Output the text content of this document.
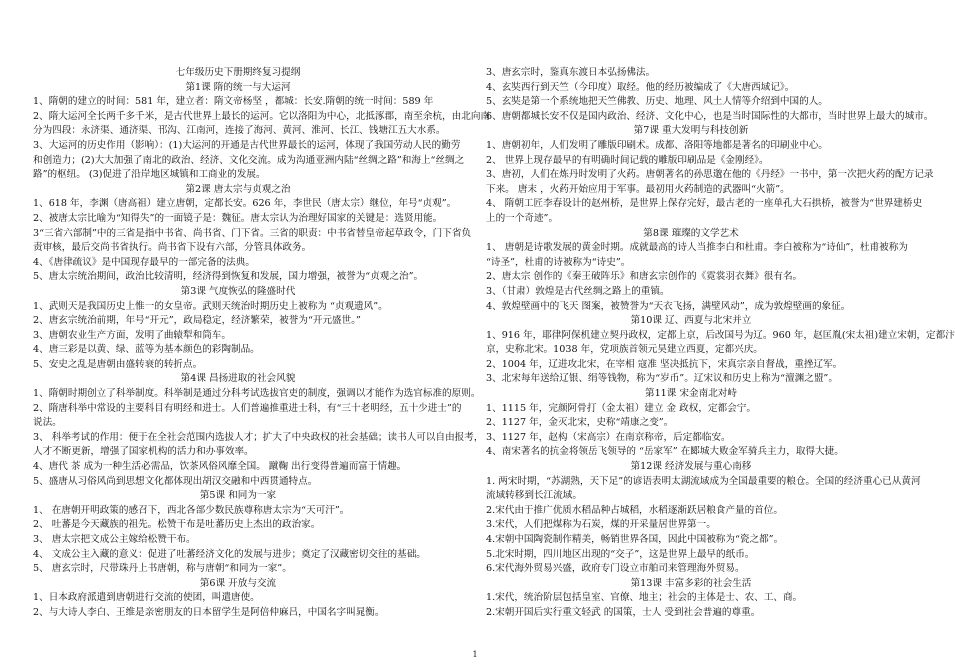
七年级历史下册期终复习提纲
第1课 隋的统一与大运河
1、隋朝的建立的时间：581 年，建立者：隋文帝杨坚 ，都城：长安.隋朝的统一时间：589 年
2、隋大运河全长两千多千米，是古代世界上最长的运河。它以洛阳为中心，北抵涿郡，南至余杭，由北向南
分为四段：永济渠、通济渠、邗沟、江南河，连接了海河、黄河、淮河、长江、钱塘江五大水系。
3、大运河的历史作用（影响）：(1)大运河的开通是古代世界最长的运河，体现了我国劳动人民的勤劳
和创造力；(2)大大加强了南北的政治、经济、文化交流。成为沟通亚洲内陆“丝绸之路”和海上“丝绸之
路”的枢纽。 (3)促进了沿岸地区城镇和工商业的发展。
第2课 唐太宗与贞观之治
1、618 年，李渊（唐高祖）建立唐朝，定都长安。626 年，李世民（唐太宗）继位，年号“贞观”。
2、被唐太宗比喻为“知得失”的一面镜子是：魏征。唐太宗认为治理好国家的关键是：选贤用能。
3“三省六部制”中的三省是指中书省、尚书省、门下省。三省的职责：中书省替皇帝起草政令，门下省负
责审核，最后交尚书省执行。尚书省下设有六部，分管具体政务。
4、《唐律疏议》是中国现存最早的一部完备的法典。
5、唐太宗统治期间，政治比较清明，经济得到恢复和发展，国力增强，被誉为“贞观之治”。
第3课 气度恢弘的隆盛时代
1、武则天是我国历史上惟一的女皇帝。武则天统治时期历史上被称为 “贞观遗风”。
2、唐玄宗统治前期，年号“开元”，政局稳定，经济繁荣，被誉为“开元盛世。”
3、唐朝农业生产方面，发明了曲辕犁和筒车。
4、唐三彩是以黄、绿、蓝等为基本颜色的彩陶制品。
5、安史之乱是唐朝由盛转衰的转折点。
第4课 昌扬进取的社会风貌
1、隋朝时期创立了科举制度。科举制是通过分科考试选拔官吏的制度，强调以才能作为选官标准的原则。
2、隋唐科举中常设的主要科目有明经和进士。人们普遍推重进士科，有“三十老明经，五十少进士”的
说法。
3、 科举考试的作用：便于在全社会范围内选拔人才；扩大了中央政权的社会基础；读书人可以自由报考，
人才不断更新，增强了国家机构的活力和办事效率。
4、唐代 茶 成为一种生活必需品，饮茶风俗风靡全国。 蹴鞠 出行变得普遍而富于情趣。
5、盛唐从习俗风尚到思想文化都体现出胡汉交融和中西贯通特点。
第5课 和同为一家
1、 在唐朝开明政策的感召下，西北各部少数民族尊称唐太宗为“天可汗”。
2、 吐蕃是今天藏族的祖先。松赞干布是吐蕃历史上杰出的政治家。
3、 唐太宗把文成公主嫁给松赞干布。
4、 文成公主入藏的意义：促进了吐蕃经济文化的发展与进步；奠定了汉藏密切交往的基础。
5、 唐玄宗时，尺带珠丹上书唐朝，称与唐朝“和同为一家”。
第6课 开放与交流
1、日本政府派遣到唐朝进行交流的使团，叫遣唐使。
2、与大诗人李白、王维是亲密朋友的日本留学生是阿倍仲麻吕，中国名字叫晁衡。
3、唐玄宗时，鉴真东渡日本弘扬佛法。
4、玄奘西行到天竺（今印度）取经。他的经历被编成了《大唐西域记》。
5、玄奘是第一个系统地把天竺佛教、历史、地理、风土人情等介绍到中国的人。
6、唐朝都城长安不仅是国内政治、经济、文化中心，也是当时国际性的大都市，当时世界上最大的城市。
第7课 重大发明与科技创新
1、唐朝初年，人们发明了雕版印刷术。成都、洛阳等地都是著名的印刷业中心。
2、 世界上现存最早的有明确时间记载的雕版印刷品是《金刚经》。
3、唐初，人们在炼丹时发明了火药。唐朝著名的孙思邈在他的《丹经》一书中，第一次把火药的配方记录
下来。 唐末 ，火药开始应用于军事。最初用火药制造的武器叫“火箭”。
4、 隋朝工匠李春设计的赵州桥，是世界上保存完好，最古老的一座单孔大石拱桥，被誉为“世界建桥史
上的一个奇迹”。
第8课 璀璨的文学艺术
1、 唐朝是诗歌发展的黄金时期。成就最高的诗人当推李白和杜甫。李白被称为“诗仙”，杜甫被称为
“诗圣”，杜甫的诗被称为“诗史”。
2、唐太宗 创作的《秦王破阵乐》和唐玄宗创作的《霓裳羽衣舞》很有名。
3、（甘肃）敦煌是古代丝绸之路上的重镇。
4、敦煌壁画中的飞天 图案，被赞誉为“天衣飞扬，满壁风动”，成为敦煌壁画的象征。
第10课 辽、西夏与北宋并立
1、916 年，耶律阿保机建立契丹政权，定都上京，后改国号为辽。960 年，赵匡胤(宋太祖)建立宋朝，定都汴
京，史称北宋。1038 年，党项族首领元昊建立西夏，定都兴庆。
2、1004 年，辽进攻北宋，在宰相 寇准 坚决抵抗下，宋真宗亲自督战，重挫辽军。
3、北宋每年送给辽银、绢等钱物，称为“岁币”。辽宋议和历史上称为“澶渊之盟”。
第11课 宋金南北对峙
1、1115 年，完颜阿骨打（金太祖）建立 金 政权，定都会宁。
2、1127 年，金灭北宋，史称“靖康之变”。
3、1127 年，赵构（宋高宗）在南京称帝，后定都临安。
4、南宋著名的抗金将领岳飞领导的 “岳家军” 在郾城大败金军骑兵主力，取得大捷。
第12课 经济发展与重心南移
1. 两宋时期，“苏湖熟，天下足”的谚语表明太湖流域成为全国最重要的粮仓。全国的经济重心已从黄河
流域转移到长江流域。
2.宋代由于推广优质水稻品种占城稻，水稻逐渐跃居粮食产量的首位。
3.宋代，人们把煤称为石炭，煤的开采量居世界第一。
4.宋朝中国陶瓷制作精美，畅销世界各国，因此中国被称为“瓷之都”。
5.北宋时期，四川地区出现的“交子”，这是世界上最早的纸币。
6.宋代海外贸易兴盛，政府专门设立市舶司来管理海外贸易。
第13课 丰富多彩的社会生活
1.宋代，统治阶层包括皇室、官僚、地主；社会的主体是士、农、工、商。
2.宋朝开国后实行重文轻武 的国策，士人 受到社会普遍的尊重。
1
